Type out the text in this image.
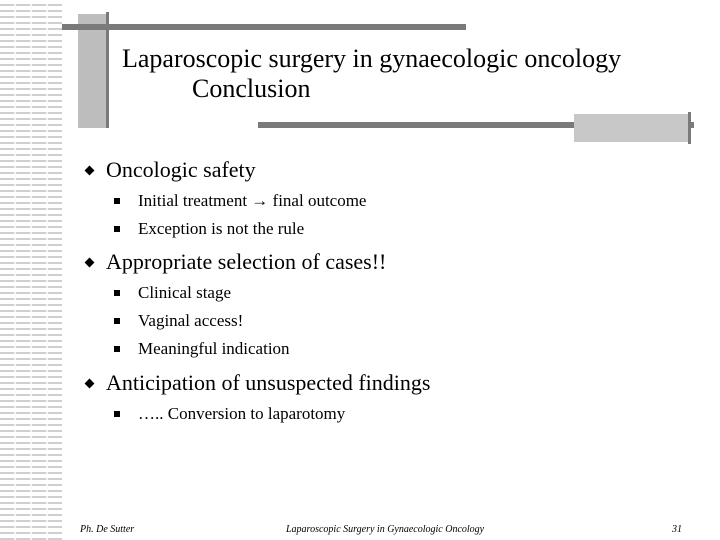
Laparoscopic surgery in gynaecologic oncology
Conclusion
Oncologic safety
Initial treatment → final outcome
Exception is not the rule
Appropriate selection of cases!!
Clinical stage
Vaginal access!
Meaningful indication
Anticipation of unsuspected findings
….. Conversion to laparotomy
Ph. De Sutter	Laparoscopic Surgery in Gynaecologic Oncology	31
